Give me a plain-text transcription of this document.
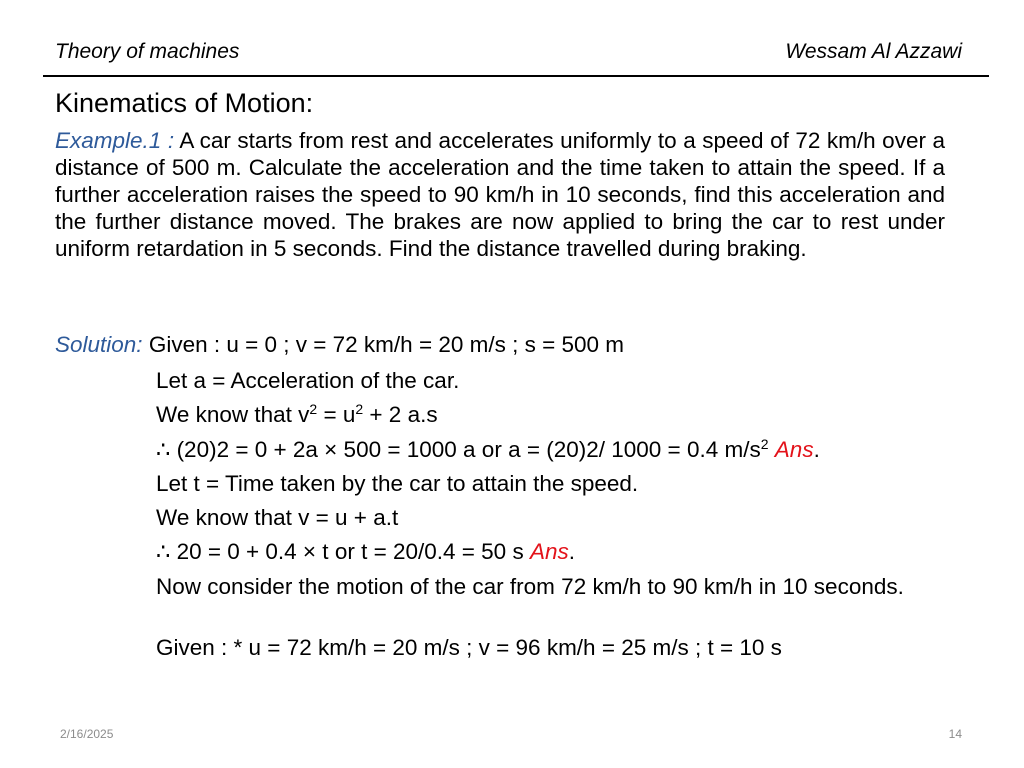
Theory of machines	Wessam Al Azzawi
Kinematics of Motion:
Example.1 : A car starts from rest and accelerates uniformly to a speed of 72 km/h over a distance of 500 m. Calculate the acceleration and the time taken to attain the speed. If a further acceleration raises the speed to 90 km/h in 10 seconds, find this acceleration and the further distance moved. The brakes are now applied to bring the car to rest under uniform retardation in 5 seconds. Find the distance travelled during braking.
Solution: Given : u = 0 ; v = 72 km/h = 20 m/s ; s = 500 m
Let a = Acceleration of the car.
We know that $v^2 = u^2 + 2$ a.s
∴ (20)2 = 0 + 2a × 500 = 1000 a or a = (20)2/ 1000 = 0.4 $m/s^2$ Ans.
Let t = Time taken by the car to attain the speed.
We know that v = u + a.t
∴ 20 = 0 + 0.4 × t or t = 20/0.4 = 50 s Ans.
Now consider the motion of the car from 72 km/h to 90 km/h in 10 seconds.
Given : * u = 72 km/h = 20 m/s ; v = 96 km/h = 25 m/s ; t = 10 s
2/16/2025	14
